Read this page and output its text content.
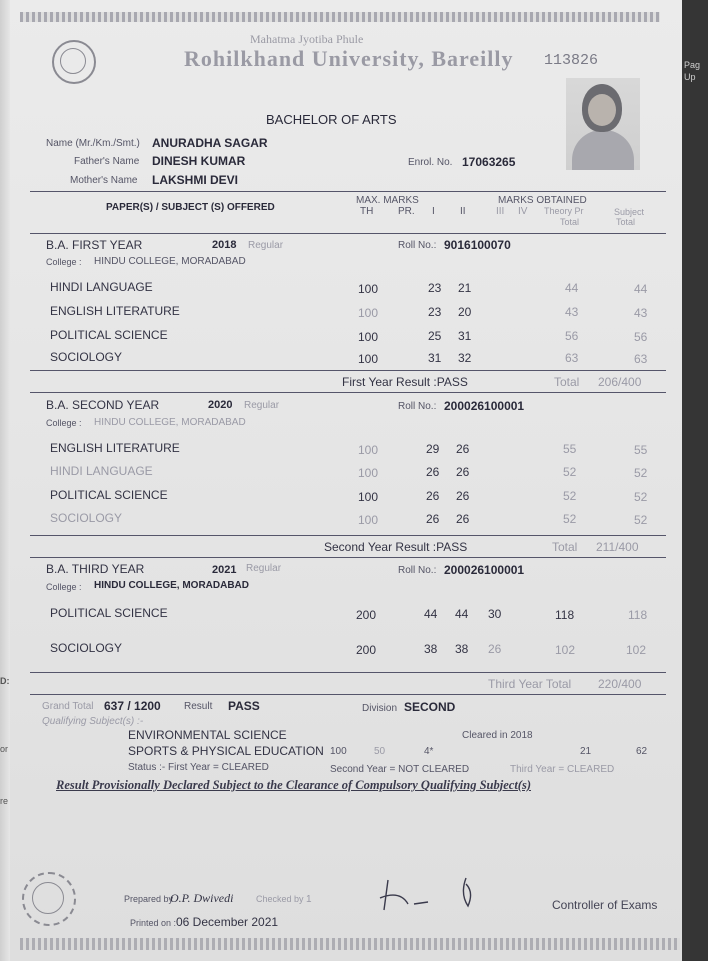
Mahatma Jyotiba Phule
Rohilkhand University, Bareilly 113826
BACHELOR OF ARTS
Name (Mr./Km./Smt.) ANURADHA SAGAR
Father's Name DINESH KUMAR	Enrol. No. 17063265
Mother's Name LAKSHMI DEVI
PAPER(S) / SUBJECT (S) OFFERED
MAX. MARKS
TH PR. I	II
MARKS OBTAINED
III IV Theory Pr
Total
Subject
Total
B.A. FIRST YEAR	2018 Regular	Roll No.: 9016100070
College : HINDU COLLEGE, MORADABAD
HINDI LANGUAGE	100	23 21	44	44
ENGLISH LITERATURE	100	23 20	43	43
POLITICAL SCIENCE	100	25 31	56	56
SOCIOLOGY	100	31 32	63	63
First Year Result :PASS	Total 206/400
B.A. SECOND YEAR	2020 Regular	Roll No.: 200026100001
College : HINDU COLLEGE, MORADABAD
ENGLISH LITERATURE	100	29 26	55	55
HINDI LANGUAGE	100	26 26	52	52
POLITICAL SCIENCE	100	26 26	52	52
SOCIOLOGY	100	26 26	52	52
Second Year Result :PASS	Total 211/400
B.A. THIRD YEAR	2021 Regular	Roll No.: 200026100001
College : HINDU COLLEGE, MORADABAD
POLITICAL SCIENCE	200	44 44 30	118	118
SOCIOLOGY	200	38 38 26	102	102
Third Year Total 220/400
Grand Total 637 / 1200 Result PASS	Division SECOND
Qualifying Subject(s) :-
ENVIRONMENTAL SCIENCE	Cleared in 2018
SPORTS & PHYSICAL EDUCATION 100	50	4*	21	62
Status :- First Year = CLEARED	Second Year = NOT CLEARED	Third Year = CLEARED
Result Provisionally Declared Subject to the Clearance of Compulsory Qualifying Subject(s)
Prepared by
O.P. Dwivedi	Checked by 1
Printed on : 06 December 2021
Controller of Exams
Pag
Up
or
re
D:
